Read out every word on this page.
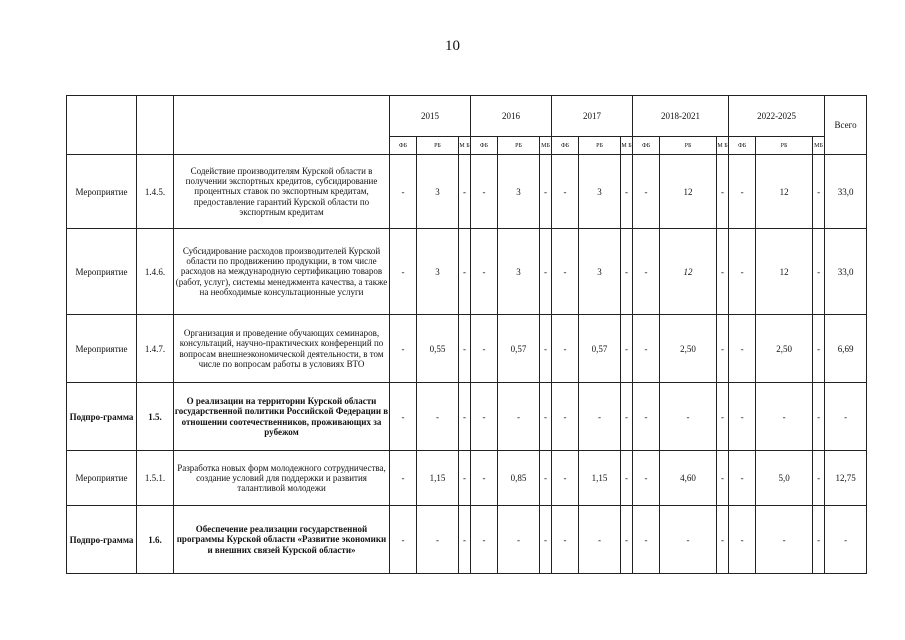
10
			2015			2016			2017			2018-2021			2022-2025			Всего
			ФБ	РБ	М Б	ФБ	РБ	МБ	ФБ	РБ	М Б	ФБ	РБ	М Б	ФБ	РБ	МБ	
Мероприятие	1.4.5.	Содействие производителям Курской области в получении экспортных кредитов, субсидирование процентных ставок по экспортным кредитам, предоставление гарантий Курской области по экспортным кредитам	-	3	-	-	3	-	-	3	-	-	12	-	-	12	-	33,0
Мероприятие	1.4.6.	Субсидирование расходов производителей Курской области по продвижению продукции, в том числе расходов на международную сертификацию товаров (работ, услуг), системы менеджмента качества, а также на необходимые консультационные услуги	-	3	-	-	3	-	-	3	-	-	12	-	-	12	-	33,0
Мероприятие	1.4.7.	Организация и проведение обучающих семинаров, консультаций, научно-практических конференций по вопросам внешнеэкономической деятельности, в том числе по вопросам работы в условиях ВТО	-	0,55	-	-	0,57	-	-	0,57	-	-	2,50	-	-	2,50	-	6,69
Подпро-грамма	1.5.	О реализации на территории Курской области государственной политики Российской Федерации в отношении соотечественников, проживающих за рубежом	-	-	-	-	-	-	-	-	-	-	-	-	-	-	-	-
Мероприятие	1.5.1.	Разработка новых форм молодежного сотрудничества, создание условий для поддержки и развития талантливой молодежи	-	1,15	-	-	0,85	-	-	1,15	-	-	4,60	-	-	5,0	-	12,75
Подпро-грамма	1.6.	Обеспечение реализации государственной программы Курской области «Развитие экономики и внешних связей Курской области»	-	-	-	-	-	-	-	-	-	-	-	-	-	-	-	-
